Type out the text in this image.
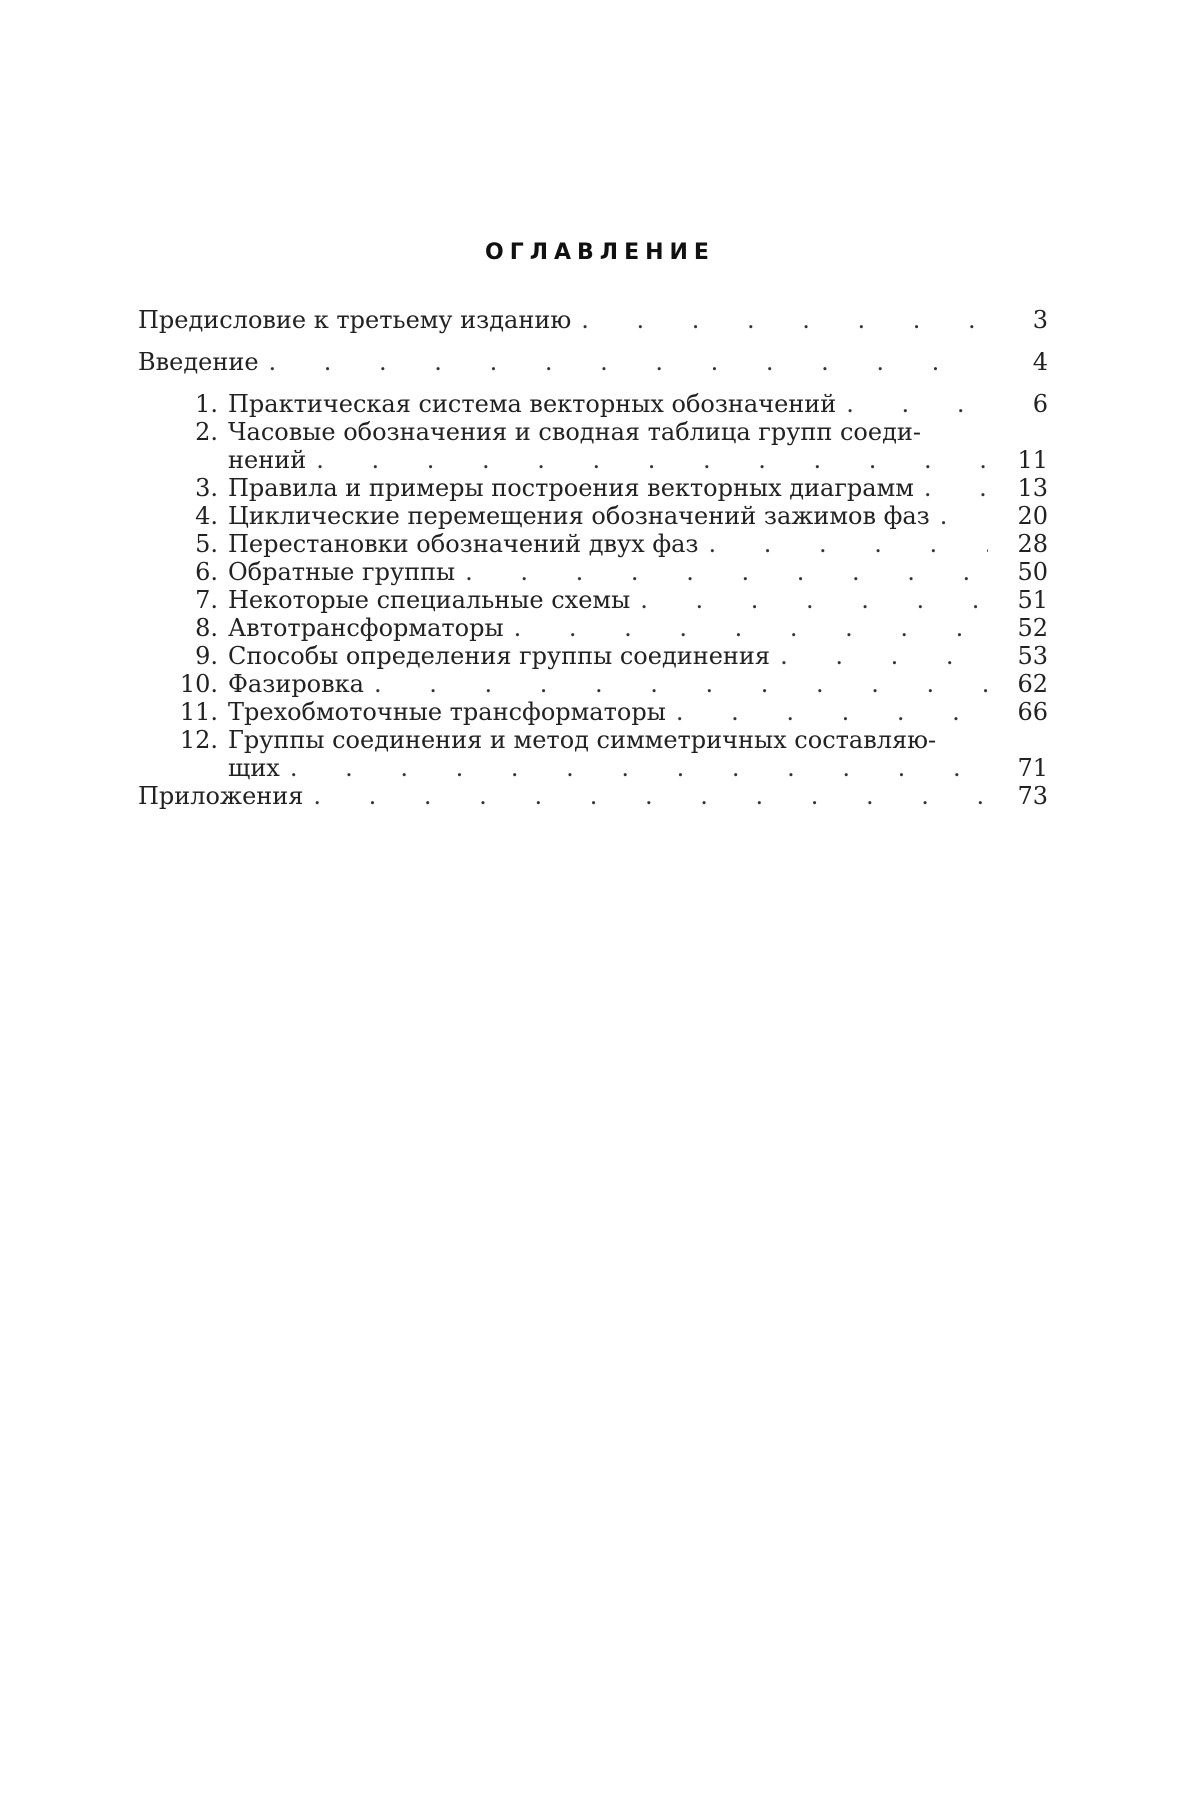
ОГЛАВЛЕНИЕ
Предисловие к третьему изданию . . .	3
Введение . . .	4
1. Практическая система векторных обозначений . . .	6
2. Часовые обозначения и сводная таблица групп соеди-
нений . . .	11
3. Правила и примеры построения векторных диаграмм . . .	13
4. Циклические перемещения обозначений зажимов фаз . . .	20
5. Перестановки обозначений двух фаз . . .	28
6. Обратные группы . . .	50
7. Некоторые специальные схемы . . .	51
8. Автотрансформаторы . . .	52
9. Способы определения группы соединения . . .	53
10. Фазировка . . .	62
11. Трехобмоточные трансформаторы . . .	66
12. Группы соединения и метод симметричных составляю-
щих . . .	71
Приложения . . .	73
